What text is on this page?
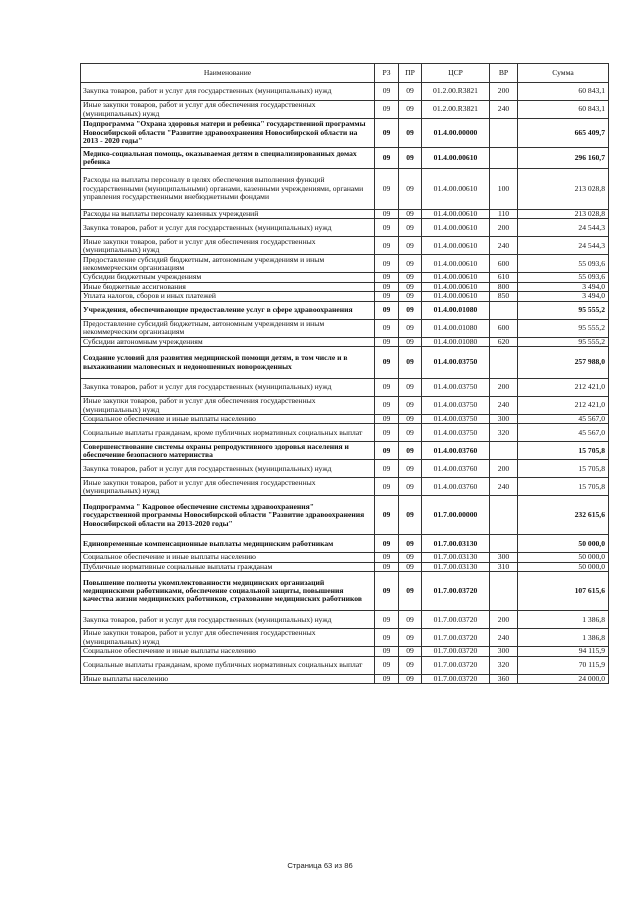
Наименование	РЗ	ПР	ЦСР	ВР	Сумма
Закупка товаров, работ и услуг для государственных (муниципальных) нужд	09	09	01.2.00.R3821	200	60 843,1
Иные закупки товаров, работ и услуг для обеспечения государственных (муниципальных) нужд	09	09	01.2.00.R3821	240	60 843,1
Подпрограмма "Охрана здоровья матери и ребенка" государственной программы Новосибирской области "Развитие здравоохранения Новосибирской области на 2013 - 2020 годы"	09	09	01.4.00.00000		665 409,7
Медико-социальная помощь, оказываемая детям в специализированных домах ребенка	09	09	01.4.00.00610		296 160,7
Расходы на выплаты персоналу в целях обеспечения выполнения функций государственными (муниципальными) органами, казенными учреждениями, органами управления государственными внебюджетными фондами	09	09	01.4.00.00610	100	213 028,8
Расходы на выплаты персоналу казенных учреждений	09	09	01.4.00.00610	110	213 028,8
Закупка товаров, работ и услуг для государственных (муниципальных) нужд	09	09	01.4.00.00610	200	24 544,3
Иные закупки товаров, работ и услуг для обеспечения государственных (муниципальных) нужд	09	09	01.4.00.00610	240	24 544,3
Предоставление субсидий бюджетным, автономным учреждениям и иным некоммерческим организациям	09	09	01.4.00.00610	600	55 093,6
Субсидии бюджетным учреждениям	09	09	01.4.00.00610	610	55 093,6
Иные бюджетные ассигнования	09	09	01.4.00.00610	800	3 494,0
Уплата налогов, сборов и иных платежей	09	09	01.4.00.00610	850	3 494,0
Учреждения, обеспечивающие предоставление услуг в сфере здравоохранения	09	09	01.4.00.01080		95 555,2
Предоставление субсидий бюджетным, автономным учреждениям и иным некоммерческим организациям	09	09	01.4.00.01080	600	95 555,2
Субсидии автономным учреждениям	09	09	01.4.00.01080	620	95 555,2
Создание условий для развития медицинской помощи детям, в том числе и в выхаживании маловесных и недоношенных новорожденных	09	09	01.4.00.03750		257 988,0
Закупка товаров, работ и услуг для государственных (муниципальных) нужд	09	09	01.4.00.03750	200	212 421,0
Иные закупки товаров, работ и услуг для обеспечения государственных (муниципальных) нужд	09	09	01.4.00.03750	240	212 421,0
Социальное обеспечение и иные выплаты населению	09	09	01.4.00.03750	300	45 567,0
Социальные выплаты гражданам, кроме публичных нормативных социальных выплат	09	09	01.4.00.03750	320	45 567,0
Совершенствование системы охраны репродуктивного здоровья населения и обеспечение безопасного материнства	09	09	01.4.00.03760		15 705,8
Закупка товаров, работ и услуг для государственных (муниципальных) нужд	09	09	01.4.00.03760	200	15 705,8
Иные закупки товаров, работ и услуг для обеспечения государственных (муниципальных) нужд	09	09	01.4.00.03760	240	15 705,8
Подпрограмма " Кадровое обеспечение системы здравоохранения" государственной программы Новосибирской области "Развитие здравоохранения Новосибирской области на 2013-2020 годы"	09	09	01.7.00.00000		232 615,6
Единовременные компенсационные выплаты медицинским работникам	09	09	01.7.00.03130		50 000,0
Социальное обеспечение и иные выплаты населению	09	09	01.7.00.03130	300	50 000,0
Публичные нормативные социальные выплаты гражданам	09	09	01.7.00.03130	310	50 000,0
Повышение полноты укомплектованности медицинских организаций медицинскими работниками, обеспечение социальной защиты, повышения качества жизни медицинских работников, страхование медицинских работников	09	09	01.7.00.03720		107 615,6
Закупка товаров, работ и услуг для государственных (муниципальных) нужд	09	09	01.7.00.03720	200	1 386,8
Иные закупки товаров, работ и услуг для обеспечения государственных (муниципальных) нужд	09	09	01.7.00.03720	240	1 386,8
Социальное обеспечение и иные выплаты населению	09	09	01.7.00.03720	300	94 115,9
Социальные выплаты гражданам, кроме публичных нормативных социальных выплат	09	09	01.7.00.03720	320	70 115,9
Иные выплаты населению	09	09	01.7.00.03720	360	24 000,0
Страница 63 из 86
